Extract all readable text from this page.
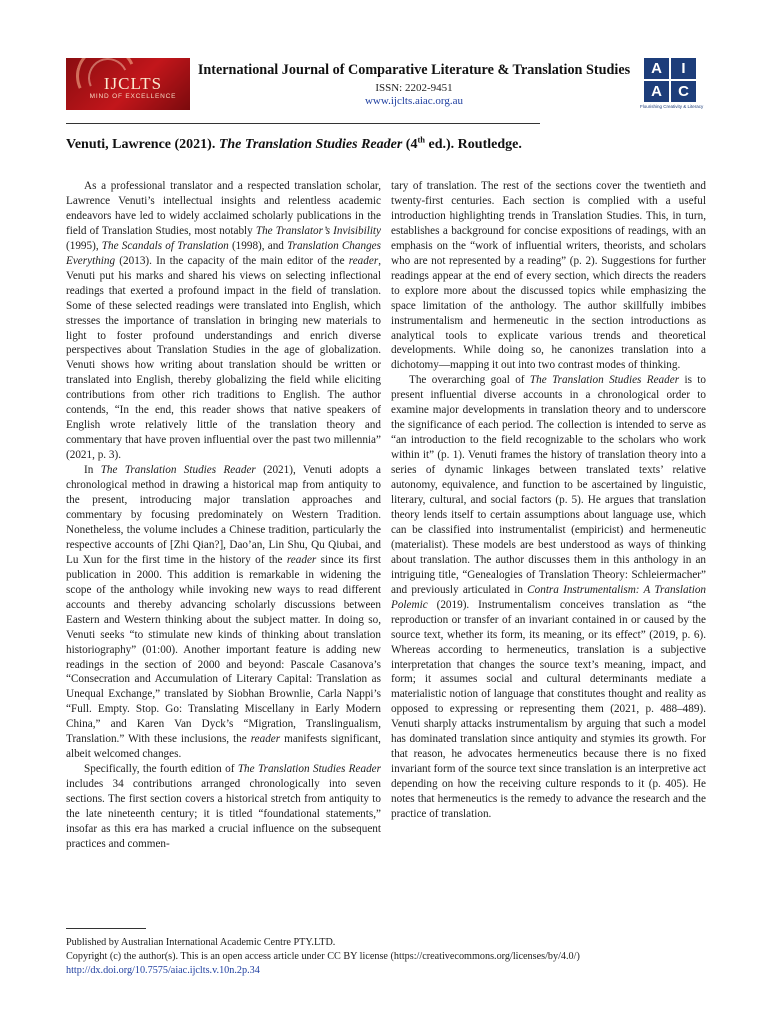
IJCLTS
MIND OF EXCELLENCE
International Journal of Comparative Literature & Translation Studies
ISSN: 2202-9451
www.ijclts.aiac.org.au
A	I
A	C
Flourishing Creativity & Literacy
Venuti, Lawrence (2021). The Translation Studies Reader (4th ed.). Routledge.

As a professional translator and a respected translation scholar, Lawrence Venuti’s intellectual insights and relentless academic endeavors have led to widely acclaimed scholarly publications in the field of Translation Studies, most notably The Translator’s Invisibility (1995), The Scandals of Translation (1998), and Translation Changes Everything (2013). In the capacity of the main editor of the reader, Venuti put his marks and shared his views on selecting inflectional readings that exerted a profound impact in the field of translation. Some of these selected readings were translated into English, which stresses the importance of translation in bringing new materials to light to foster profound understandings and enrich diverse perspectives about Translation Studies in the age of globalization. Venuti shows how writing about translation should be written or translated into English, thereby globalizing the field while eliciting contributions from other rich traditions to English. The author contends, “In the end, this reader shows that native speakers of English wrote relatively little of the translation theory and commentary that have proven influential over the past two millennia” (2021, p. 3).

In The Translation Studies Reader (2021), Venuti adopts a chronological method in drawing a historical map from antiquity to the present, introducing major translation approaches and commentary by focusing predominately on Western Tradition. Nonetheless, the volume includes a Chinese tradition, particularly the respective accounts of [Zhi Qian?], Dao’an, Lin Shu, Qu Qiubai, and Lu Xun for the first time in the history of the reader since its first publication in 2000. This addition is remarkable in widening the scope of the anthology while invoking new ways to read different accounts and thereby advancing scholarly discussions between Eastern and Western thinking about the subject matter. In doing so, Venuti seeks “to stimulate new kinds of thinking about translation historiography” (01:00). Another important feature is adding new readings in the section of 2000 and beyond: Pascale Casanova’s “Consecration and Accumulation of Literary Capital: Translation as Unequal Exchange,” translated by Siobhan Brownlie, Carla Nappi’s “Full. Empty. Stop. Go: Translating Miscellany in Early Modern China,” and Karen Van Dyck’s “Migration, Translingualism, Translation.” With these inclusions, the reader manifests significant, albeit welcomed changes.

Specifically, the fourth edition of The Translation Studies Reader includes 34 contributions arranged chronologically into seven sections. The first section covers a historical stretch from antiquity to the late nineteenth century; it is titled “foundational statements,” insofar as this era has marked a crucial influence on the subsequent practices and commen-

tary of translation. The rest of the sections cover the twentieth and twenty-first centuries. Each section is complied with a useful introduction highlighting trends in Translation Studies. This, in turn, establishes a background for concise expositions of readings, with an emphasis on the “work of influential writers, theorists, and scholars who are not represented by a reading” (p. 2). Suggestions for further readings appear at the end of every section, which directs the readers to explore more about the discussed topics while emphasizing the space limitation of the anthology. The author skillfully imbibes instrumentalism and hermeneutic in the section introductions as analytical tools to explicate various trends and theoretical developments. While doing so, he canonizes translation into a dichotomy—mapping it out into two contrast modes of thinking.

The overarching goal of The Translation Studies Reader is to present influential diverse accounts in a chronological order to examine major developments in translation theory and to underscore the significance of each period. The collection is intended to serve as “an introduction to the field recognizable to the scholars who work within it” (p. 1). Venuti frames the history of translation theory into a series of dynamic linkages between translated texts’ relative autonomy, equivalence, and function to be ascertained by linguistic, literary, cultural, and social factors (p. 5). He argues that translation theory lends itself to certain assumptions about language use, which can be classified into instrumentalist (empiricist) and hermeneutic (materialist). These models are best understood as ways of thinking about translation. The author discusses them in this anthology in an intriguing title, “Genealogies of Translation Theory: Schleiermacher” and previously articulated in Contra Instrumentalism: A Translation Polemic (2019). Instrumentalism conceives translation as “the reproduction or transfer of an invariant contained in or caused by the source text, whether its form, its meaning, or its effect” (2019, p. 6). Whereas according to hermeneutics, translation is a subjective interpretation that changes the source text’s meaning, impact, and form; it assumes social and cultural determinants mediate a materialistic notion of language that constitutes thought and reality as opposed to expressing or representing them (2021, p. 488–489). Venuti sharply attacks instrumentalism by arguing that such a model has dominated translation since antiquity and stymies its growth. For that reason, he advocates hermeneutics because there is no fixed invariant form of the source text since translation is an interpretive act depending on how the receiving culture responds to it (p. 405). He notes that hermeneutics is the remedy to advance the research and the practice of translation.

Published by Australian International Academic Centre PTY.LTD.
Copyright (c) the author(s). This is an open access article under CC BY license (https://creativecommons.org/licenses/by/4.0/)
http://dx.doi.org/10.7575/aiac.ijclts.v.10n.2p.34
